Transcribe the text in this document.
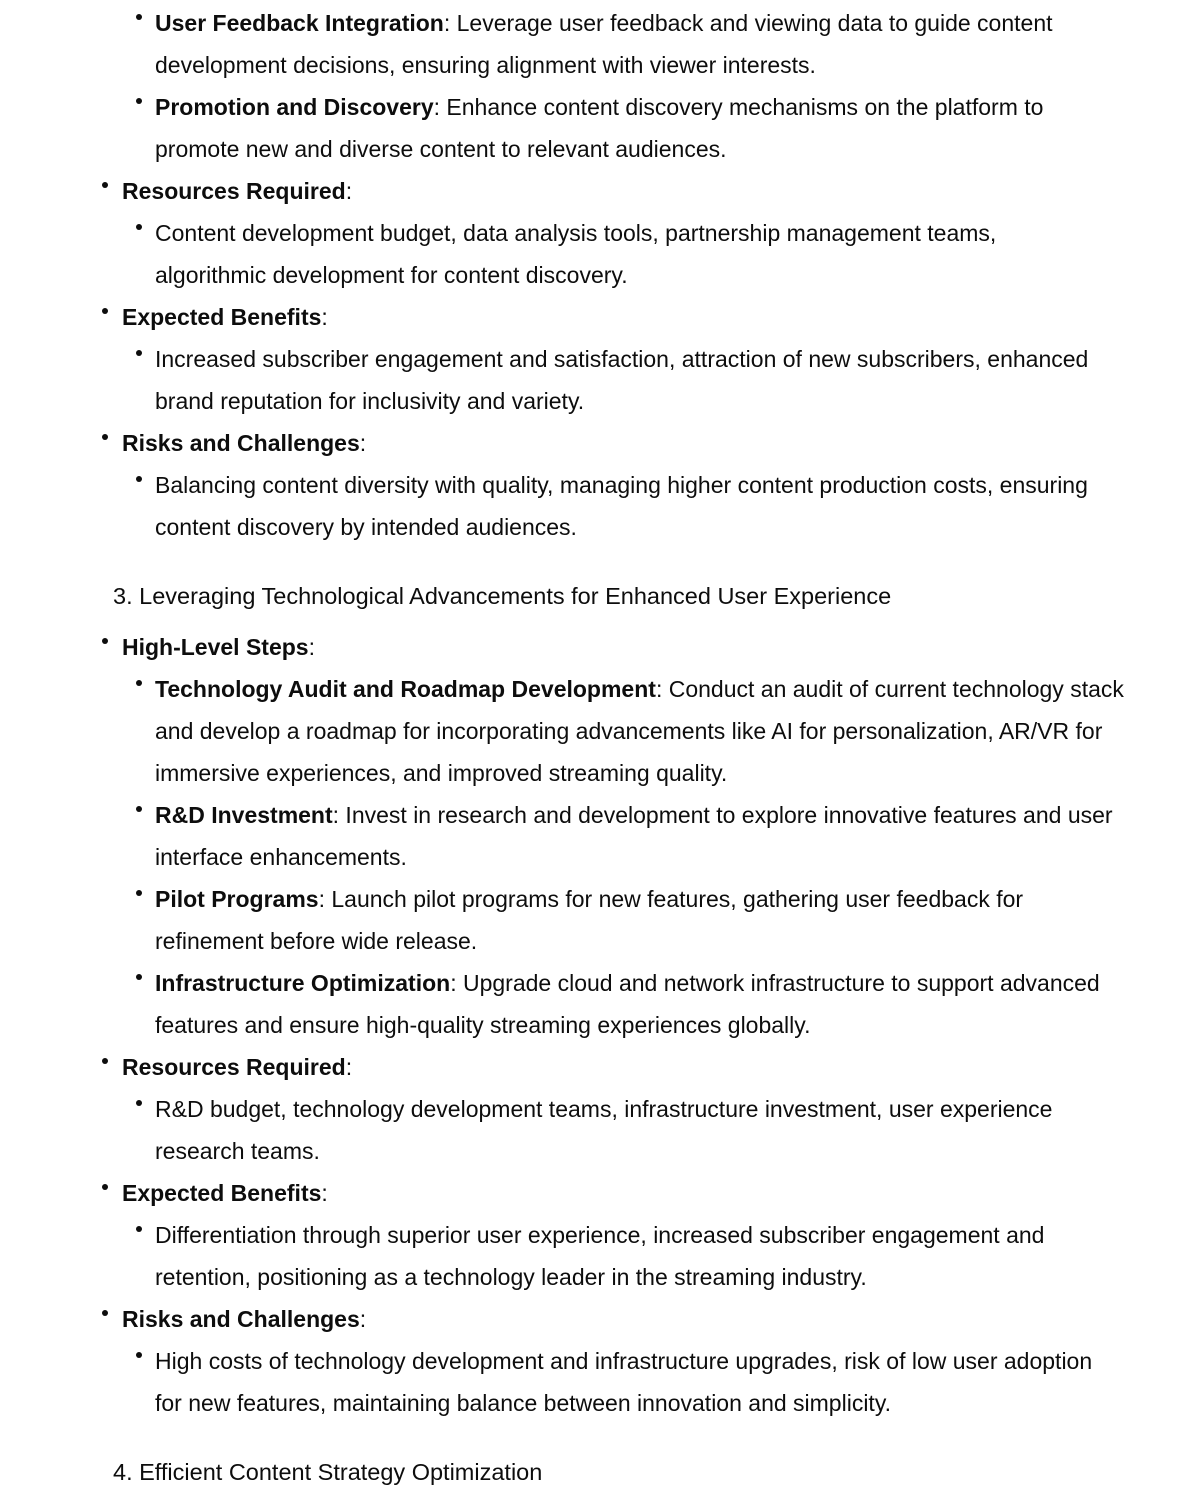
User Feedback Integration: Leverage user feedback and viewing data to guide content
development decisions, ensuring alignment with viewer interests.
Promotion and Discovery: Enhance content discovery mechanisms on the platform to
promote new and diverse content to relevant audiences.
Resources Required:
Content development budget, data analysis tools, partnership management teams,
algorithmic development for content discovery.
Expected Benefits:
Increased subscriber engagement and satisfaction, attraction of new subscribers, enhanced
brand reputation for inclusivity and variety.
Risks and Challenges:
Balancing content diversity with quality, managing higher content production costs, ensuring
content discovery by intended audiences.
3. Leveraging Technological Advancements for Enhanced User Experience
High-Level Steps:
Technology Audit and Roadmap Development: Conduct an audit of current technology stack
and develop a roadmap for incorporating advancements like AI for personalization, AR/VR for
immersive experiences, and improved streaming quality.
R&D Investment: Invest in research and development to explore innovative features and user
interface enhancements.
Pilot Programs: Launch pilot programs for new features, gathering user feedback for
refinement before wide release.
Infrastructure Optimization: Upgrade cloud and network infrastructure to support advanced
features and ensure high-quality streaming experiences globally.
Resources Required:
R&D budget, technology development teams, infrastructure investment, user experience
research teams.
Expected Benefits:
Differentiation through superior user experience, increased subscriber engagement and
retention, positioning as a technology leader in the streaming industry.
Risks and Challenges:
High costs of technology development and infrastructure upgrades, risk of low user adoption
for new features, maintaining balance between innovation and simplicity.
4. Efficient Content Strategy Optimization
